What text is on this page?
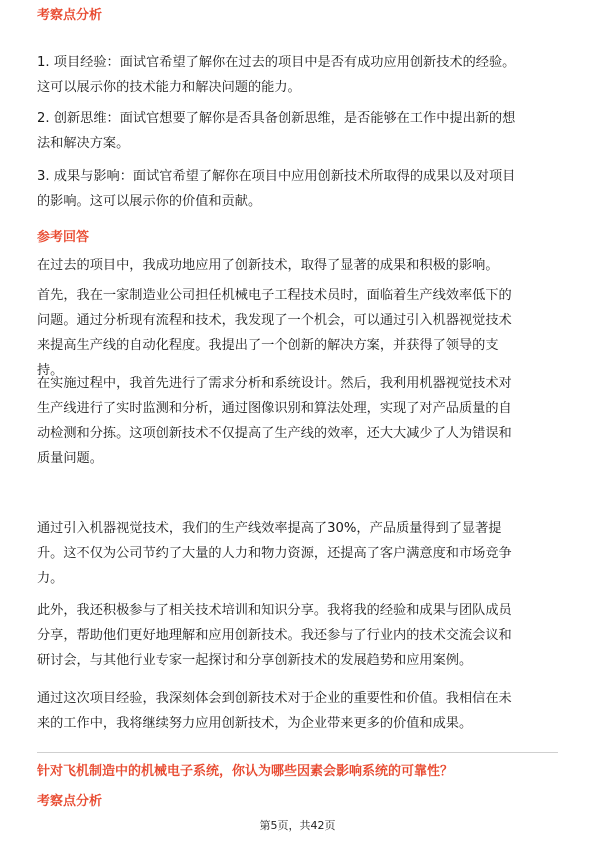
考察点分析
1. 项目经验：面试官希望了解你在过去的项目中是否有成功应用创新技术的经验。
这可以展示你的技术能力和解决问题的能力。
2. 创新思维：面试官想要了解你是否具备创新思维，是否能够在工作中提出新的想
法和解决方案。
3. 成果与影响：面试官希望了解你在项目中应用创新技术所取得的成果以及对项目
的影响。这可以展示你的价值和贡献。
参考回答
在过去的项目中，我成功地应用了创新技术，取得了显著的成果和积极的影响。
首先，我在一家制造业公司担任机械电子工程技术员时，面临着生产线效率低下的
问题。通过分析现有流程和技术，我发现了一个机会，可以通过引入机器视觉技术
来提高生产线的自动化程度。我提出了一个创新的解决方案，并获得了领导的支
持。
在实施过程中，我首先进行了需求分析和系统设计。然后，我利用机器视觉技术对
生产线进行了实时监测和分析，通过图像识别和算法处理，实现了对产品质量的自
动检测和分拣。这项创新技术不仅提高了生产线的效率，还大大减少了人为错误和
质量问题。
通过引入机器视觉技术，我们的生产线效率提高了30%，产品质量得到了显著提
升。这不仅为公司节约了大量的人力和物力资源，还提高了客户满意度和市场竞争
力。
此外，我还积极参与了相关技术培训和知识分享。我将我的经验和成果与团队成员
分享，帮助他们更好地理解和应用创新技术。我还参与了行业内的技术交流会议和
研讨会，与其他行业专家一起探讨和分享创新技术的发展趋势和应用案例。
通过这次项目经验，我深刻体会到创新技术对于企业的重要性和价值。我相信在未
来的工作中，我将继续努力应用创新技术，为企业带来更多的价值和成果。
针对飞机制造中的机械电子系统，你认为哪些因素会影响系统的可靠性？
考察点分析
第5页，共42页
